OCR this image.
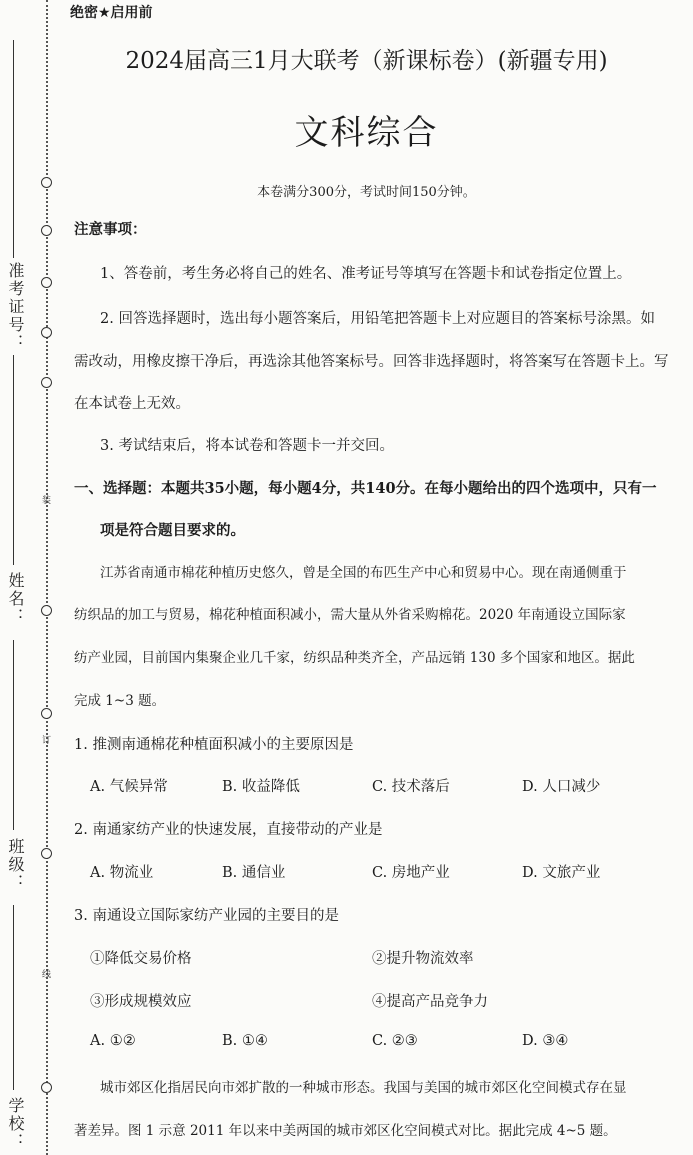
装
订
线
准考证号：
姓名：
班级：
学校：
绝密★启用前
2024届高三1月大联考（新课标卷）(新疆专用)
文科综合
本卷满分300分，考试时间150分钟。
注意事项：
1、答卷前，考生务必将自己的姓名、准考证号等填写在答题卡和试卷指定位置上。
2. 回答选择题时，选出每小题答案后，用铅笔把答题卡上对应题目的答案标号涂黑。如
需改动，用橡皮擦干净后，再选涂其他答案标号。回答非选择题时，将答案写在答题卡上。写
在本试卷上无效。
3. 考试结束后，将本试卷和答题卡一并交回。
一、选择题：本题共35小题，每小题4分，共140分。在每小题给出的四个选项中，只有一
项是符合题目要求的。
江苏省南通市棉花种植历史悠久，曾是全国的布匹生产中心和贸易中心。现在南通侧重于
纺织品的加工与贸易，棉花种植面积减小，需大量从外省采购棉花。2020 年南通设立国际家
纺产业园，目前国内集聚企业几千家，纺织品种类齐全，产品远销 130 多个国家和地区。据此
完成 1~3 题。
1. 推测南通棉花种植面积减小的主要原因是
A. 气候异常	B. 收益降低	C. 技术落后	D. 人口减少
2. 南通家纺产业的快速发展，直接带动的产业是
A. 物流业	B. 通信业	C. 房地产业	D. 文旅产业
3. 南通设立国际家纺产业园的主要目的是
①降低交易价格	②提升物流效率
③形成规模效应	④提高产品竞争力
A. ①②	B. ①④	C. ②③	D. ③④
城市郊区化指居民向市郊扩散的一种城市形态。我国与美国的城市郊区化空间模式存在显
著差异。图 1 示意 2011 年以来中美两国的城市郊区化空间模式对比。据此完成 4~5 题。
